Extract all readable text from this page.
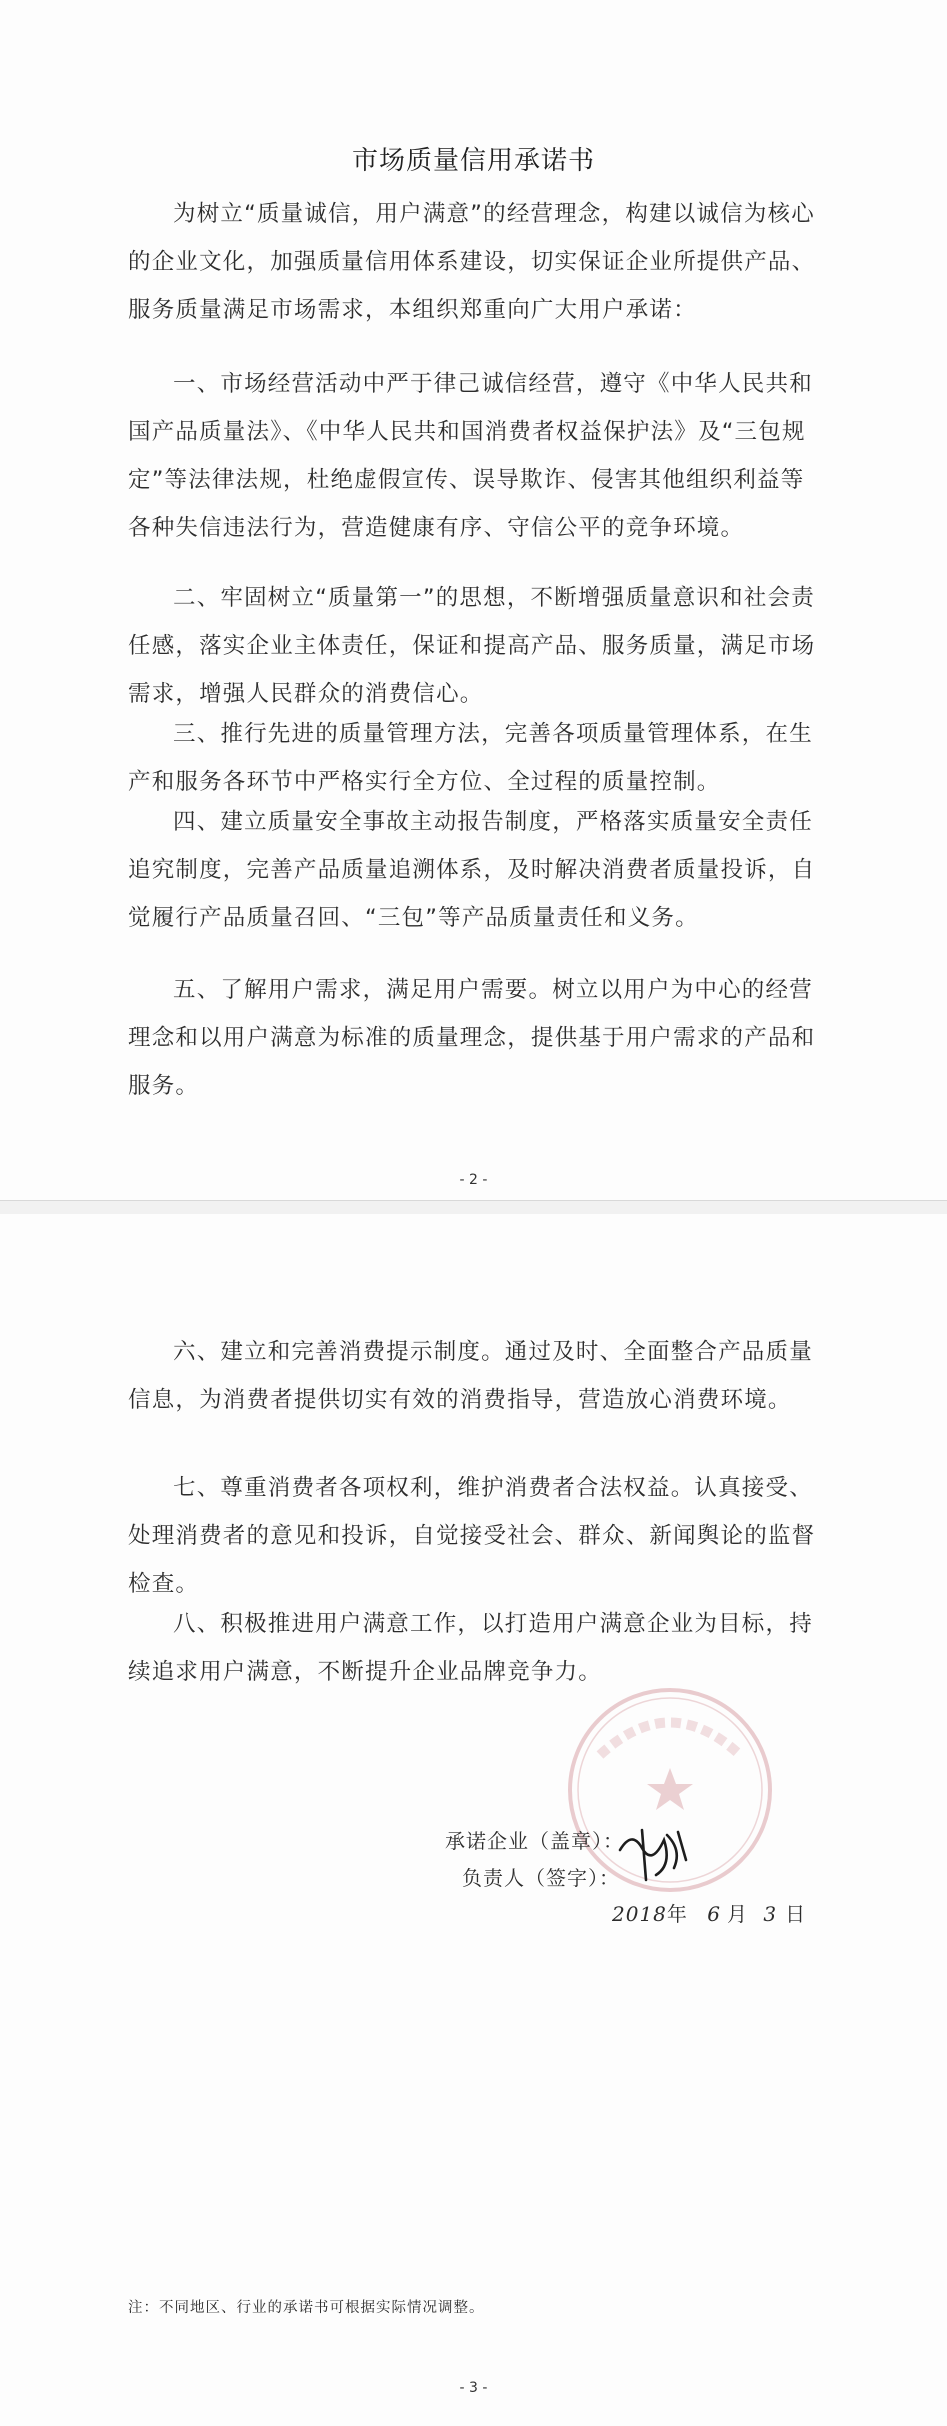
市场质量信用承诺书

为树立“质量诚信，用户满意”的经营理念，构建以诚信为核心的企业文化，加强质量信用体系建设，切实保证企业所提供产品、服务质量满足市场需求，本组织郑重向广大用户承诺：

一、市场经营活动中严于律己诚信经营，遵守《中华人民共和国产品质量法》、《中华人民共和国消费者权益保护法》及“三包规定”等法律法规，杜绝虚假宣传、误导欺诈、侵害其他组织利益等各种失信违法行为，营造健康有序、守信公平的竞争环境。

二、牢固树立“质量第一”的思想，不断增强质量意识和社会责任感，落实企业主体责任，保证和提高产品、服务质量，满足市场需求，增强人民群众的消费信心。

三、推行先进的质量管理方法，完善各项质量管理体系，在生产和服务各环节中严格实行全方位、全过程的质量控制。

四、建立质量安全事故主动报告制度，严格落实质量安全责任追究制度，完善产品质量追溯体系，及时解决消费者质量投诉，自觉履行产品质量召回、“三包”等产品质量责任和义务。

五、了解用户需求，满足用户需要。树立以用户为中心的经营理念和以用户满意为标准的质量理念，提供基于用户需求的产品和服务。

- 2 -

六、建立和完善消费提示制度。通过及时、全面整合产品质量信息，为消费者提供切实有效的消费指导，营造放心消费环境。

七、尊重消费者各项权利，维护消费者合法权益。认真接受、处理消费者的意见和投诉，自觉接受社会、群众、新闻舆论的监督检查。

八、积极推进用户满意工作，以打造用户满意企业为目标，持续追求用户满意，不断提升企业品牌竞争力。

承诺企业（盖章）：
负责人（签字）：
2018年 6 月 3 日
注：不同地区、行业的承诺书可根据实际情况调整。
- 3 -
